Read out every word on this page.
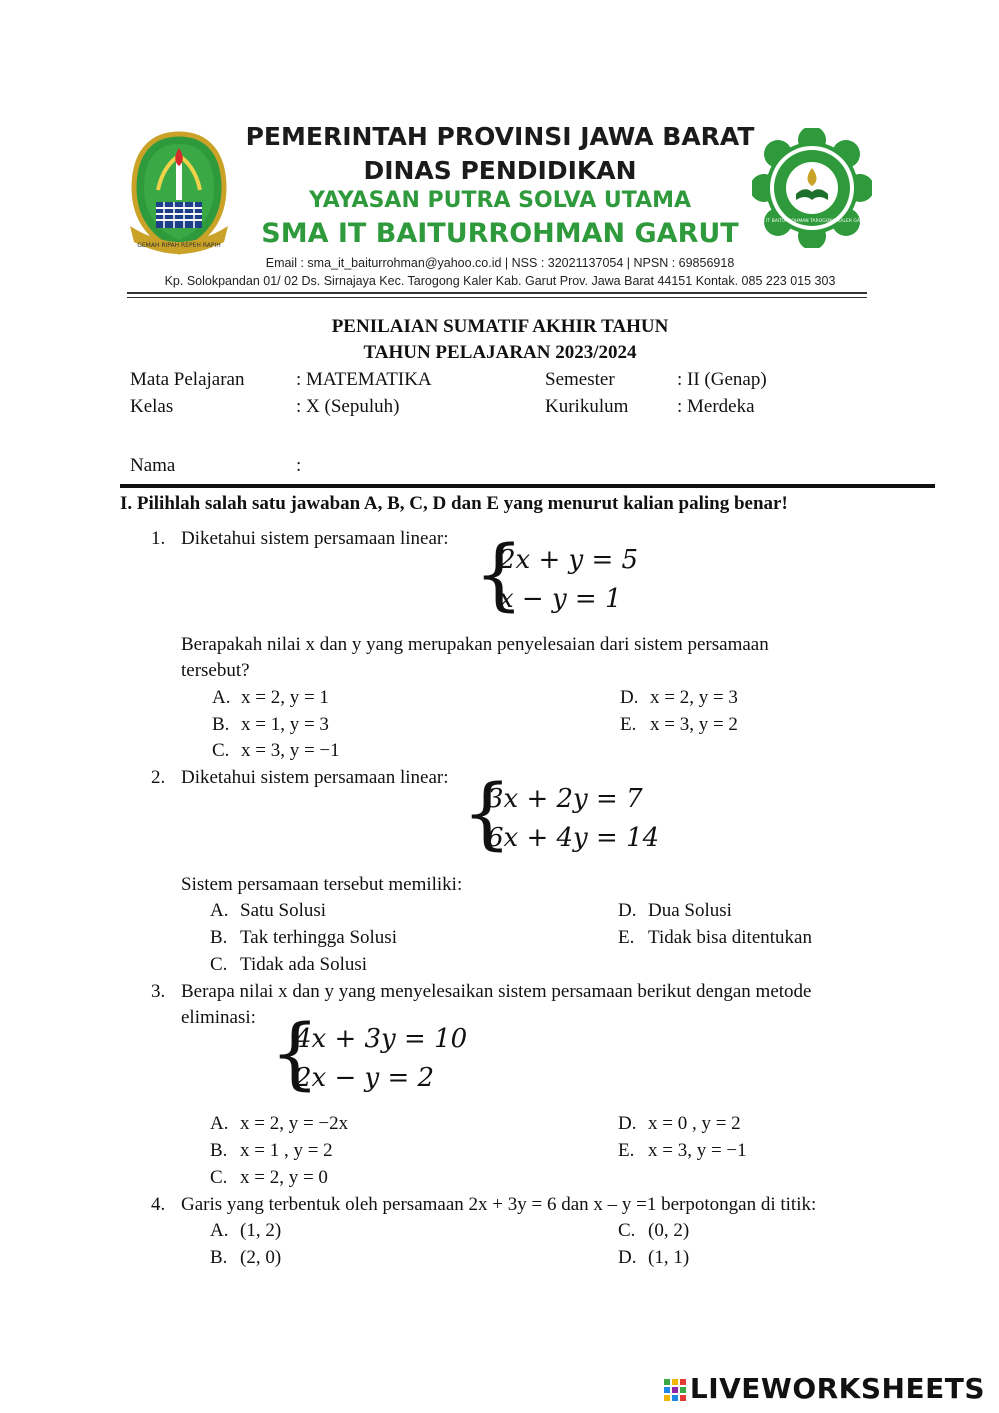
GEMAH RIPAH REPEH RAPIH
SMA IT BAITURROHMAN TAROGONG KALER GARUT
PEMERINTAH PROVINSI JAWA BARAT
DINAS PENDIDIKAN
YAYASAN PUTRA SOLVA UTAMA
SMA IT BAITURROHMAN GARUT
Email : sma_it_baiturrohman@yahoo.co.id | NSS : 32021137054 | NPSN : 69856918
Kp. Solokpandan 01/ 02 Ds. Sirnajaya Kec. Tarogong Kaler Kab. Garut Prov. Jawa Barat 44151 Kontak. 085 223 015 303
PENILAIAN SUMATIF AKHIR TAHUN
TAHUN PELAJARAN 2023/2024
Mata Pelajaran	: MATEMATIKA	Semester	: II (Genap)
Kelas	: X (Sepuluh)	Kurikulum	: Merdeka
Nama	:
I. Pilihlah salah satu jawaban A, B, C, D dan E yang menurut kalian paling benar!
1. Diketahui sistem persamaan linear: {
2x + y = 5
x − y = 1
Berapakah nilai x dan y yang merupakan penyelesaian dari sistem persamaan
tersebut?
A. x = 2, y = 1
B. x = 1, y = 3
C. x = 3, y = −1
D. x = 2, y = 3
E. x = 3, y = 2
2. Diketahui sistem persamaan linear: {
3x + 2y = 7
6x + 4y = 14
Sistem persamaan tersebut memiliki:
A. Satu Solusi
B. Tak terhingga Solusi
C. Tidak ada Solusi
D. Dua Solusi
E. Tidak bisa ditentukan
3. Berapa nilai x dan y yang menyelesaikan sistem persamaan berikut dengan metode
eliminasi: {
4x + 3y = 10
2x − y = 2
A. x = 2, y = −2x
B. x = 1 , y = 2
C. x = 2, y = 0
D. x = 0 , y = 2
E. x = 3, y = −1
4. Garis yang terbentuk oleh persamaan 2x + 3y = 6 dan x – y =1 berpotongan di titik:
A. (1, 2)
B. (2, 0)
C. (0, 2)
D. (1, 1)
LIVEWORKSHEETS
